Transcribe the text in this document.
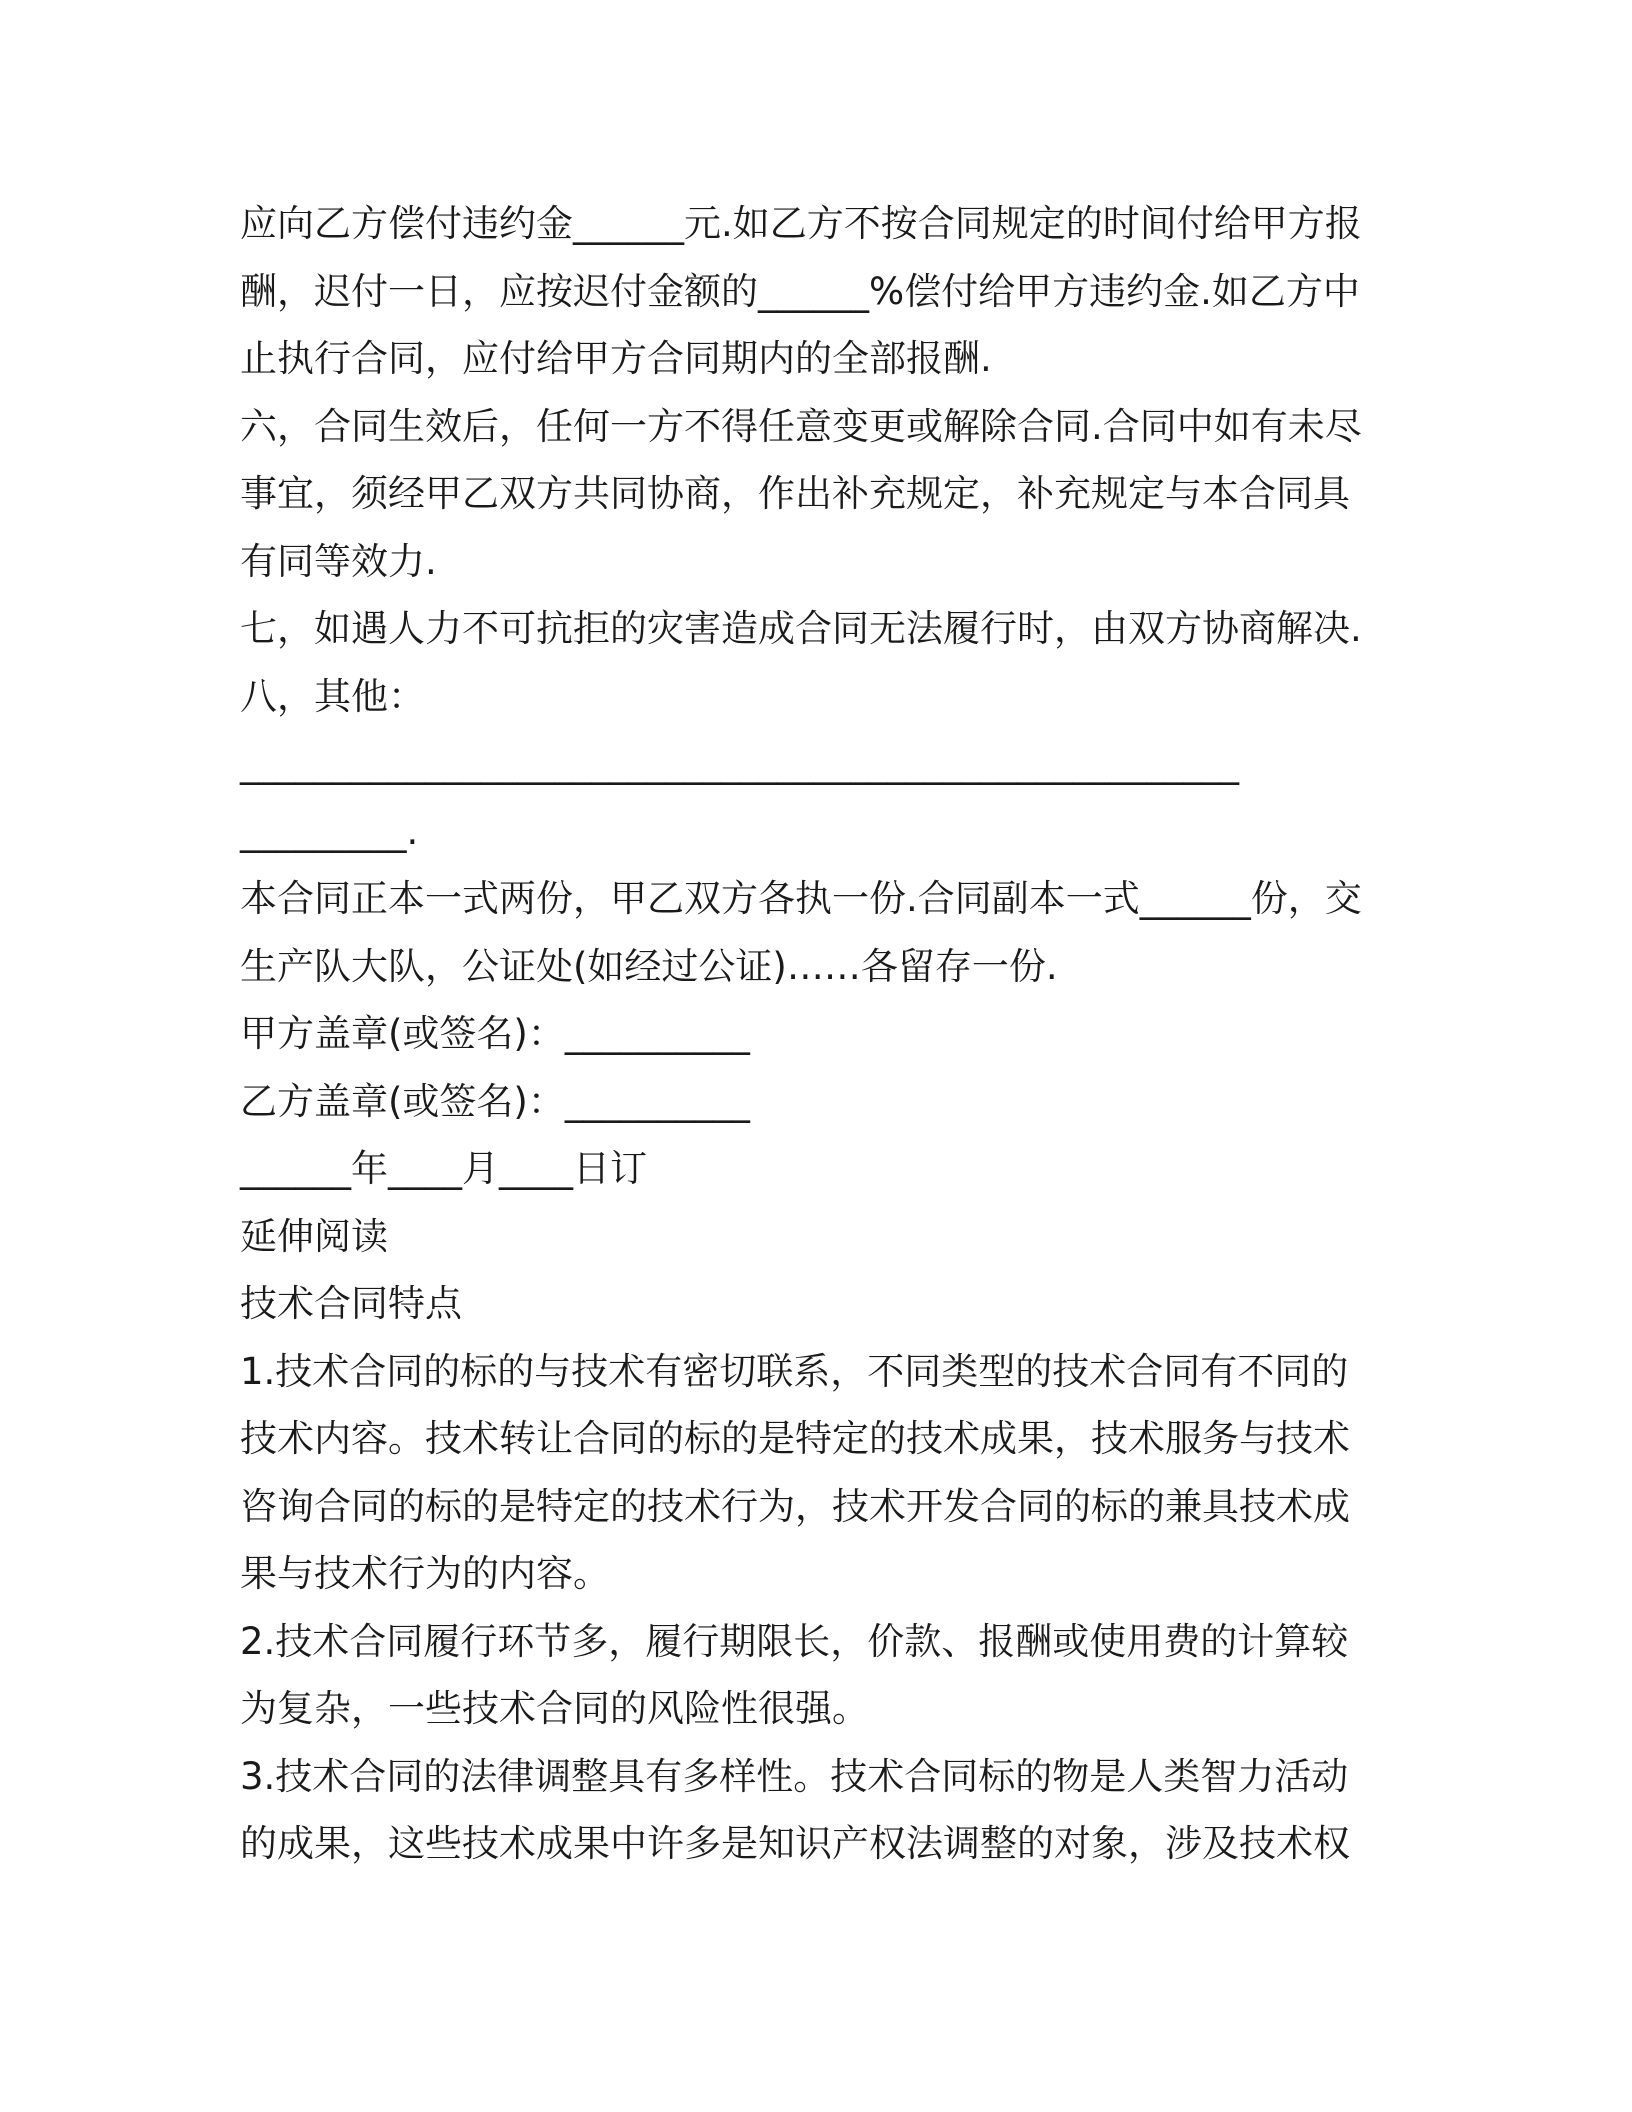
应向乙方偿付违约金______元.如乙方不按合同规定的时间付给甲方报
酬，迟付一日，应按迟付金额的______%偿付给甲方违约金.如乙方中
止执行合同，应付给甲方合同期内的全部报酬.
六，合同生效后，任何一方不得任意变更或解除合同.合同中如有未尽
事宜，须经甲乙双方共同协商，作出补充规定，补充规定与本合同具
有同等效力.
七，如遇人力不可抗拒的灾害造成合同无法履行时，由双方协商解决.
八，其他：
______________________________________________________
_________.
本合同正本一式两份，甲乙双方各执一份.合同副本一式______份，交
生产队大队，公证处(如经过公证)……各留存一份.
甲方盖章(或签名)：__________
乙方盖章(或签名)：__________
______年____月____日订
延伸阅读
技术合同特点
1.技术合同的标的与技术有密切联系，不同类型的技术合同有不同的
技术内容。技术转让合同的标的是特定的技术成果，技术服务与技术
咨询合同的标的是特定的技术行为，技术开发合同的标的兼具技术成
果与技术行为的内容。
2.技术合同履行环节多，履行期限长，价款、报酬或使用费的计算较
为复杂，一些技术合同的风险性很强。
3.技术合同的法律调整具有多样性。技术合同标的物是人类智力活动
的成果，这些技术成果中许多是知识产权法调整的对象，涉及技术权
